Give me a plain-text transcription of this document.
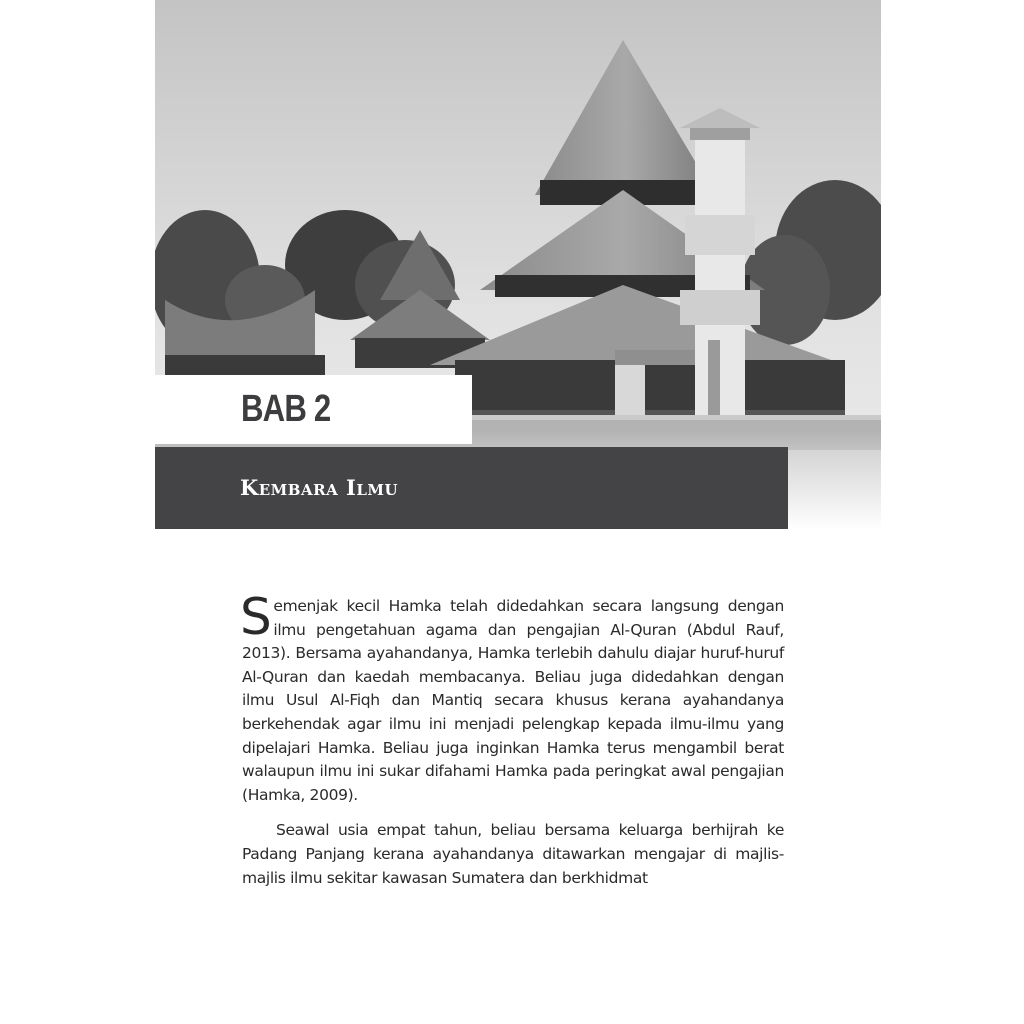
BAB 2
Kembara Ilmu

Semenjak kecil Hamka telah didedahkan secara langsung dengan ilmu pengetahuan agama dan pengajian Al-Quran (Abdul Rauf, 2013). Bersama ayahandanya, Hamka terlebih dahulu diajar huruf-huruf Al-Quran dan kaedah membacanya. Beliau juga didedahkan dengan ilmu Usul Al-Fiqh dan Mantiq secara khusus kerana ayahandanya berkehendak agar ilmu ini menjadi pelengkap kepada ilmu-ilmu yang dipelajari Hamka. Beliau juga inginkan Hamka terus mengambil berat walaupun ilmu ini sukar difahami Hamka pada peringkat awal pengajian (Hamka, 2009).

Seawal usia empat tahun, beliau bersama keluarga berhijrah ke Padang Panjang kerana ayahandanya ditawarkan mengajar di majlis-majlis ilmu sekitar kawasan Sumatera dan berkhidmat
